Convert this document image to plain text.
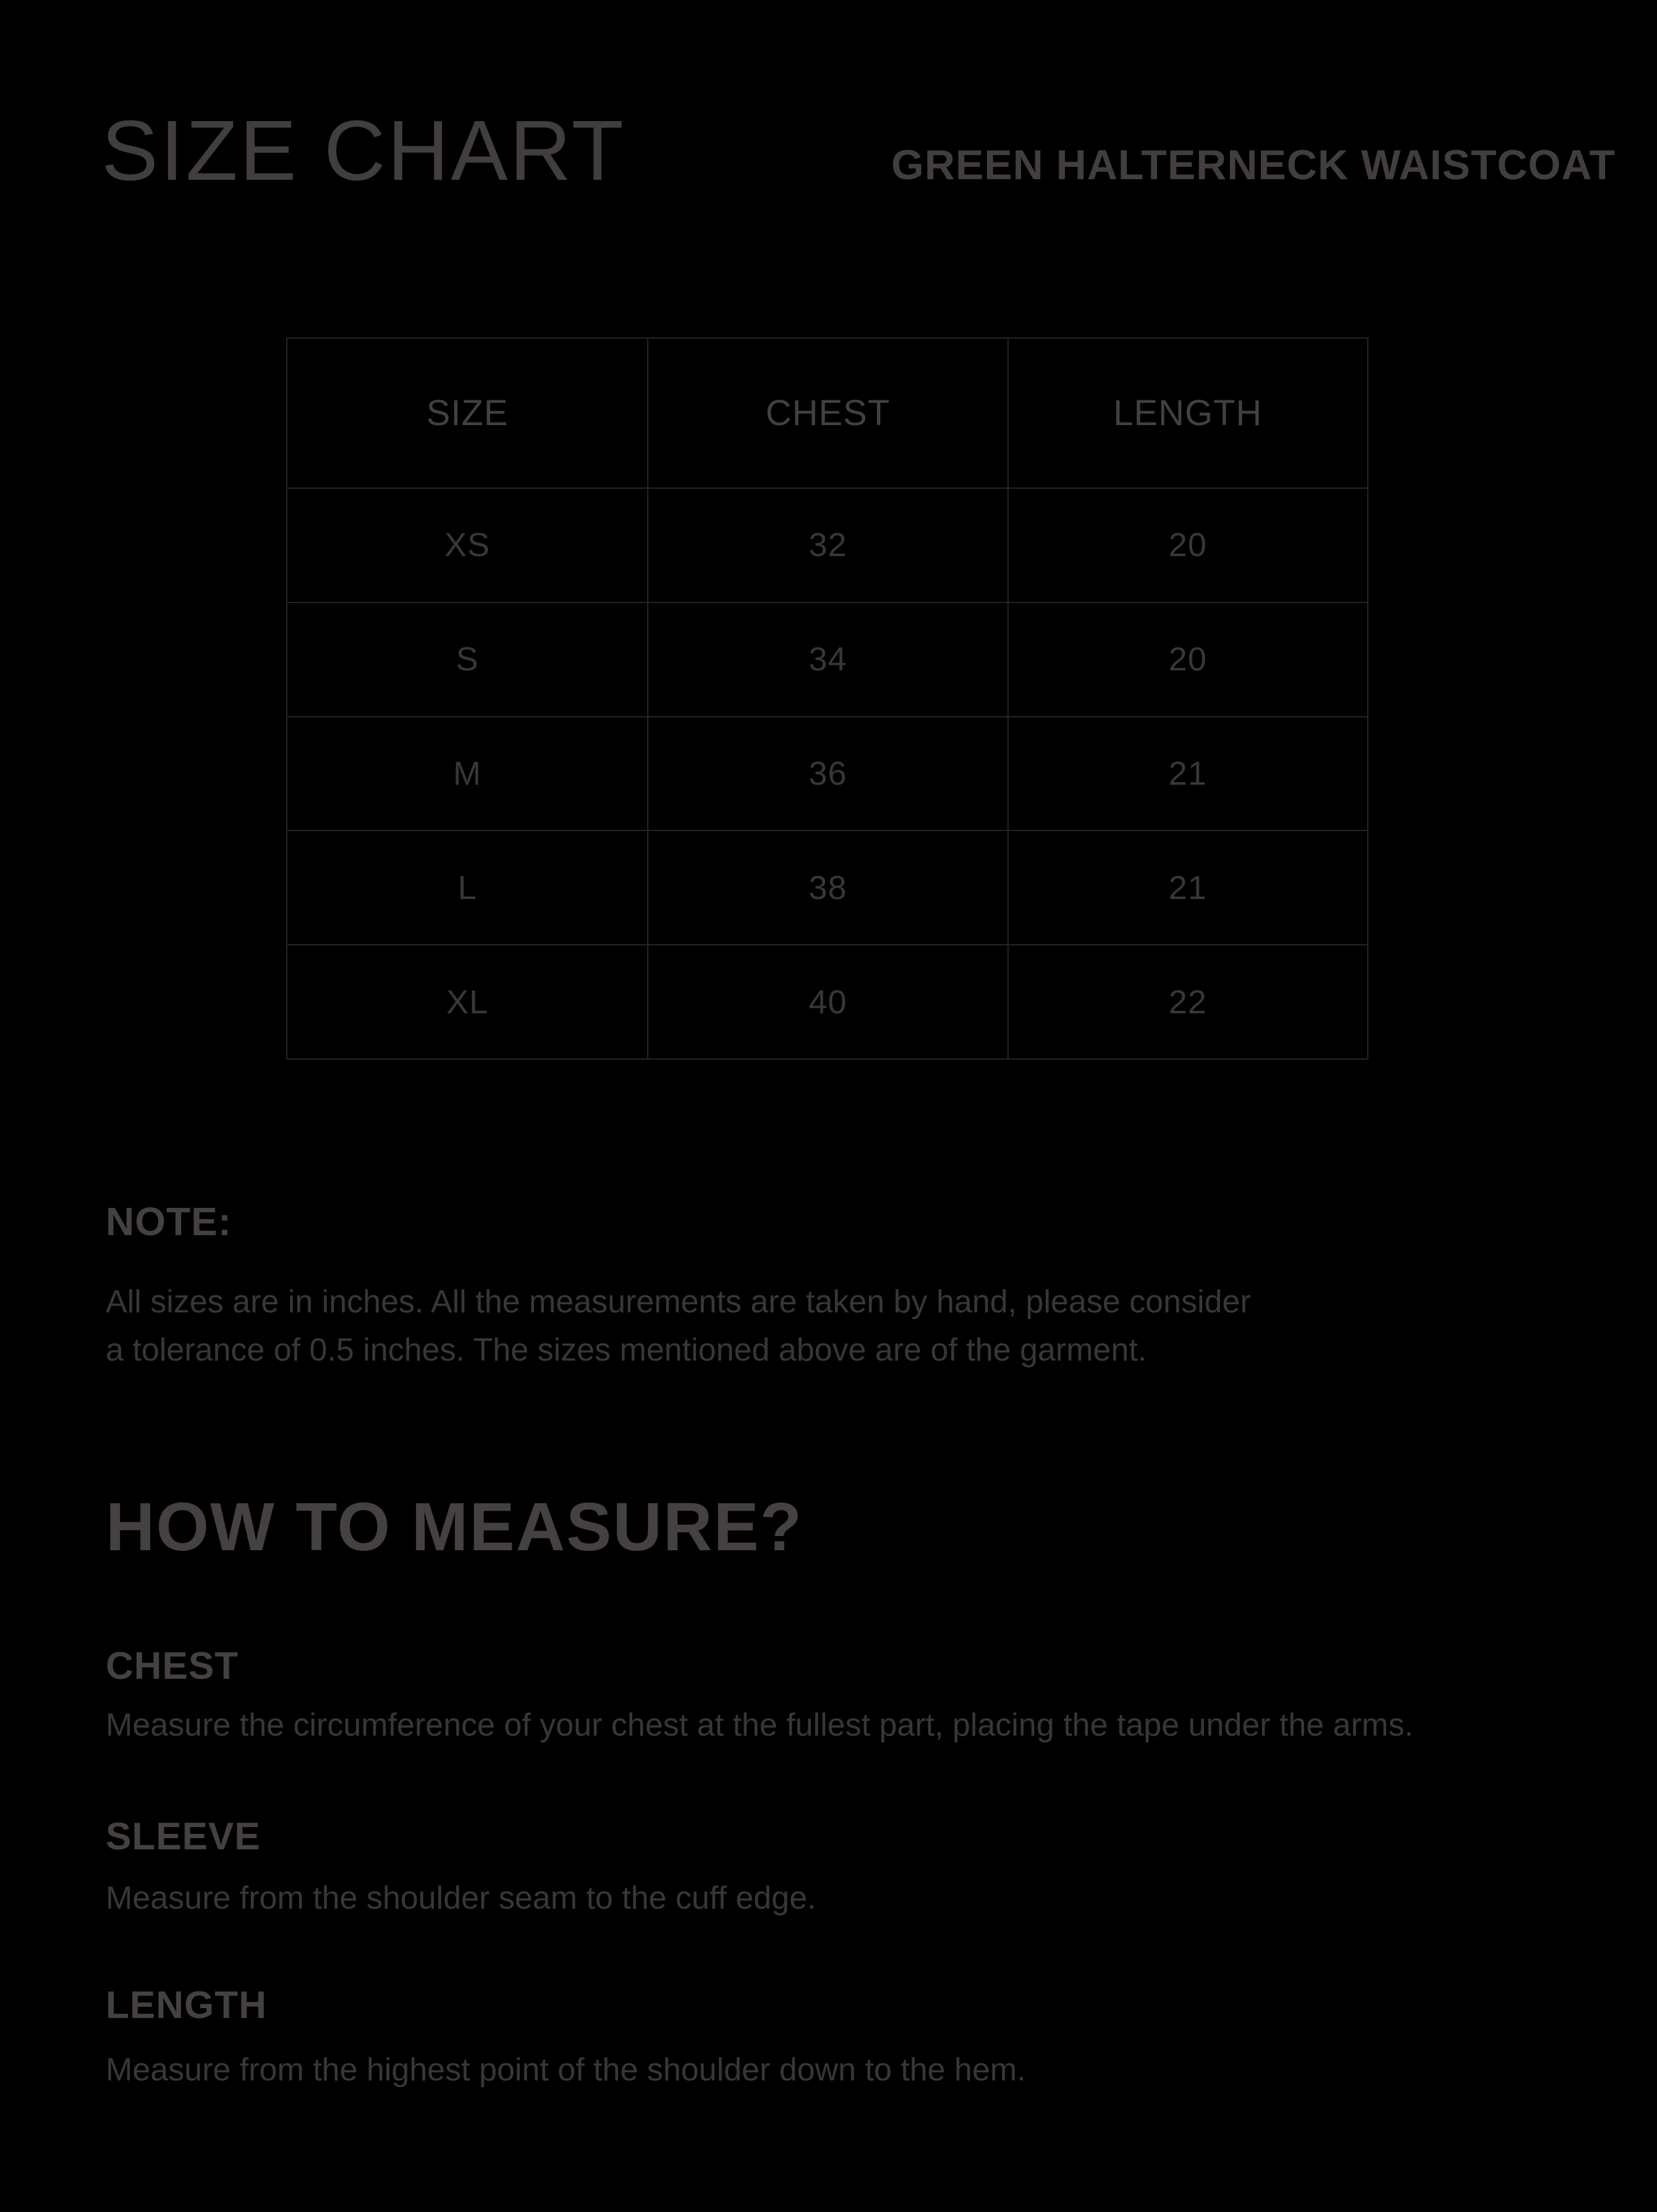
SIZE CHART	GREEN HALTERNECK WAISTCOAT
SIZE	CHEST	LENGTH
XS	32	20
S	34	20
M	36	21
L	38	21
XL	40	22
NOTE:
All sizes are in inches. All the measurements are taken by hand, please consider
a tolerance of 0.5 inches. The sizes mentioned above are of the garment.
HOW TO MEASURE?
CHEST
Measure the circumference of your chest at the fullest part, placing the tape under the arms.
SLEEVE
Measure from the shoulder seam to the cuff edge.
LENGTH
Measure from the highest point of the shoulder down to the hem.
